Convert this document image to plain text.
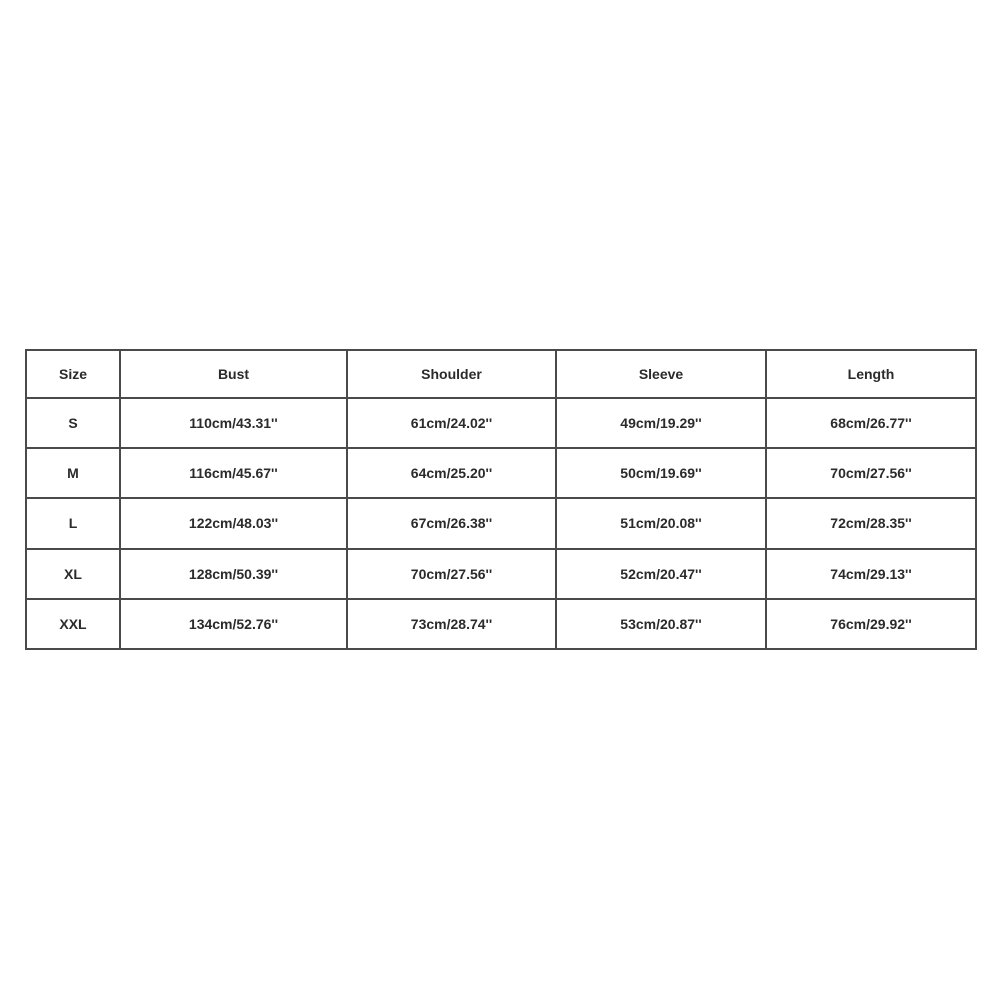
Size	Bust	Shoulder	Sleeve	Length
S	110cm/43.31''	61cm/24.02''	49cm/19.29''	68cm/26.77''
M	116cm/45.67''	64cm/25.20''	50cm/19.69''	70cm/27.56''
L	122cm/48.03''	67cm/26.38''	51cm/20.08''	72cm/28.35''
XL	128cm/50.39''	70cm/27.56''	52cm/20.47''	74cm/29.13''
XXL	134cm/52.76''	73cm/28.74''	53cm/20.87''	76cm/29.92''
